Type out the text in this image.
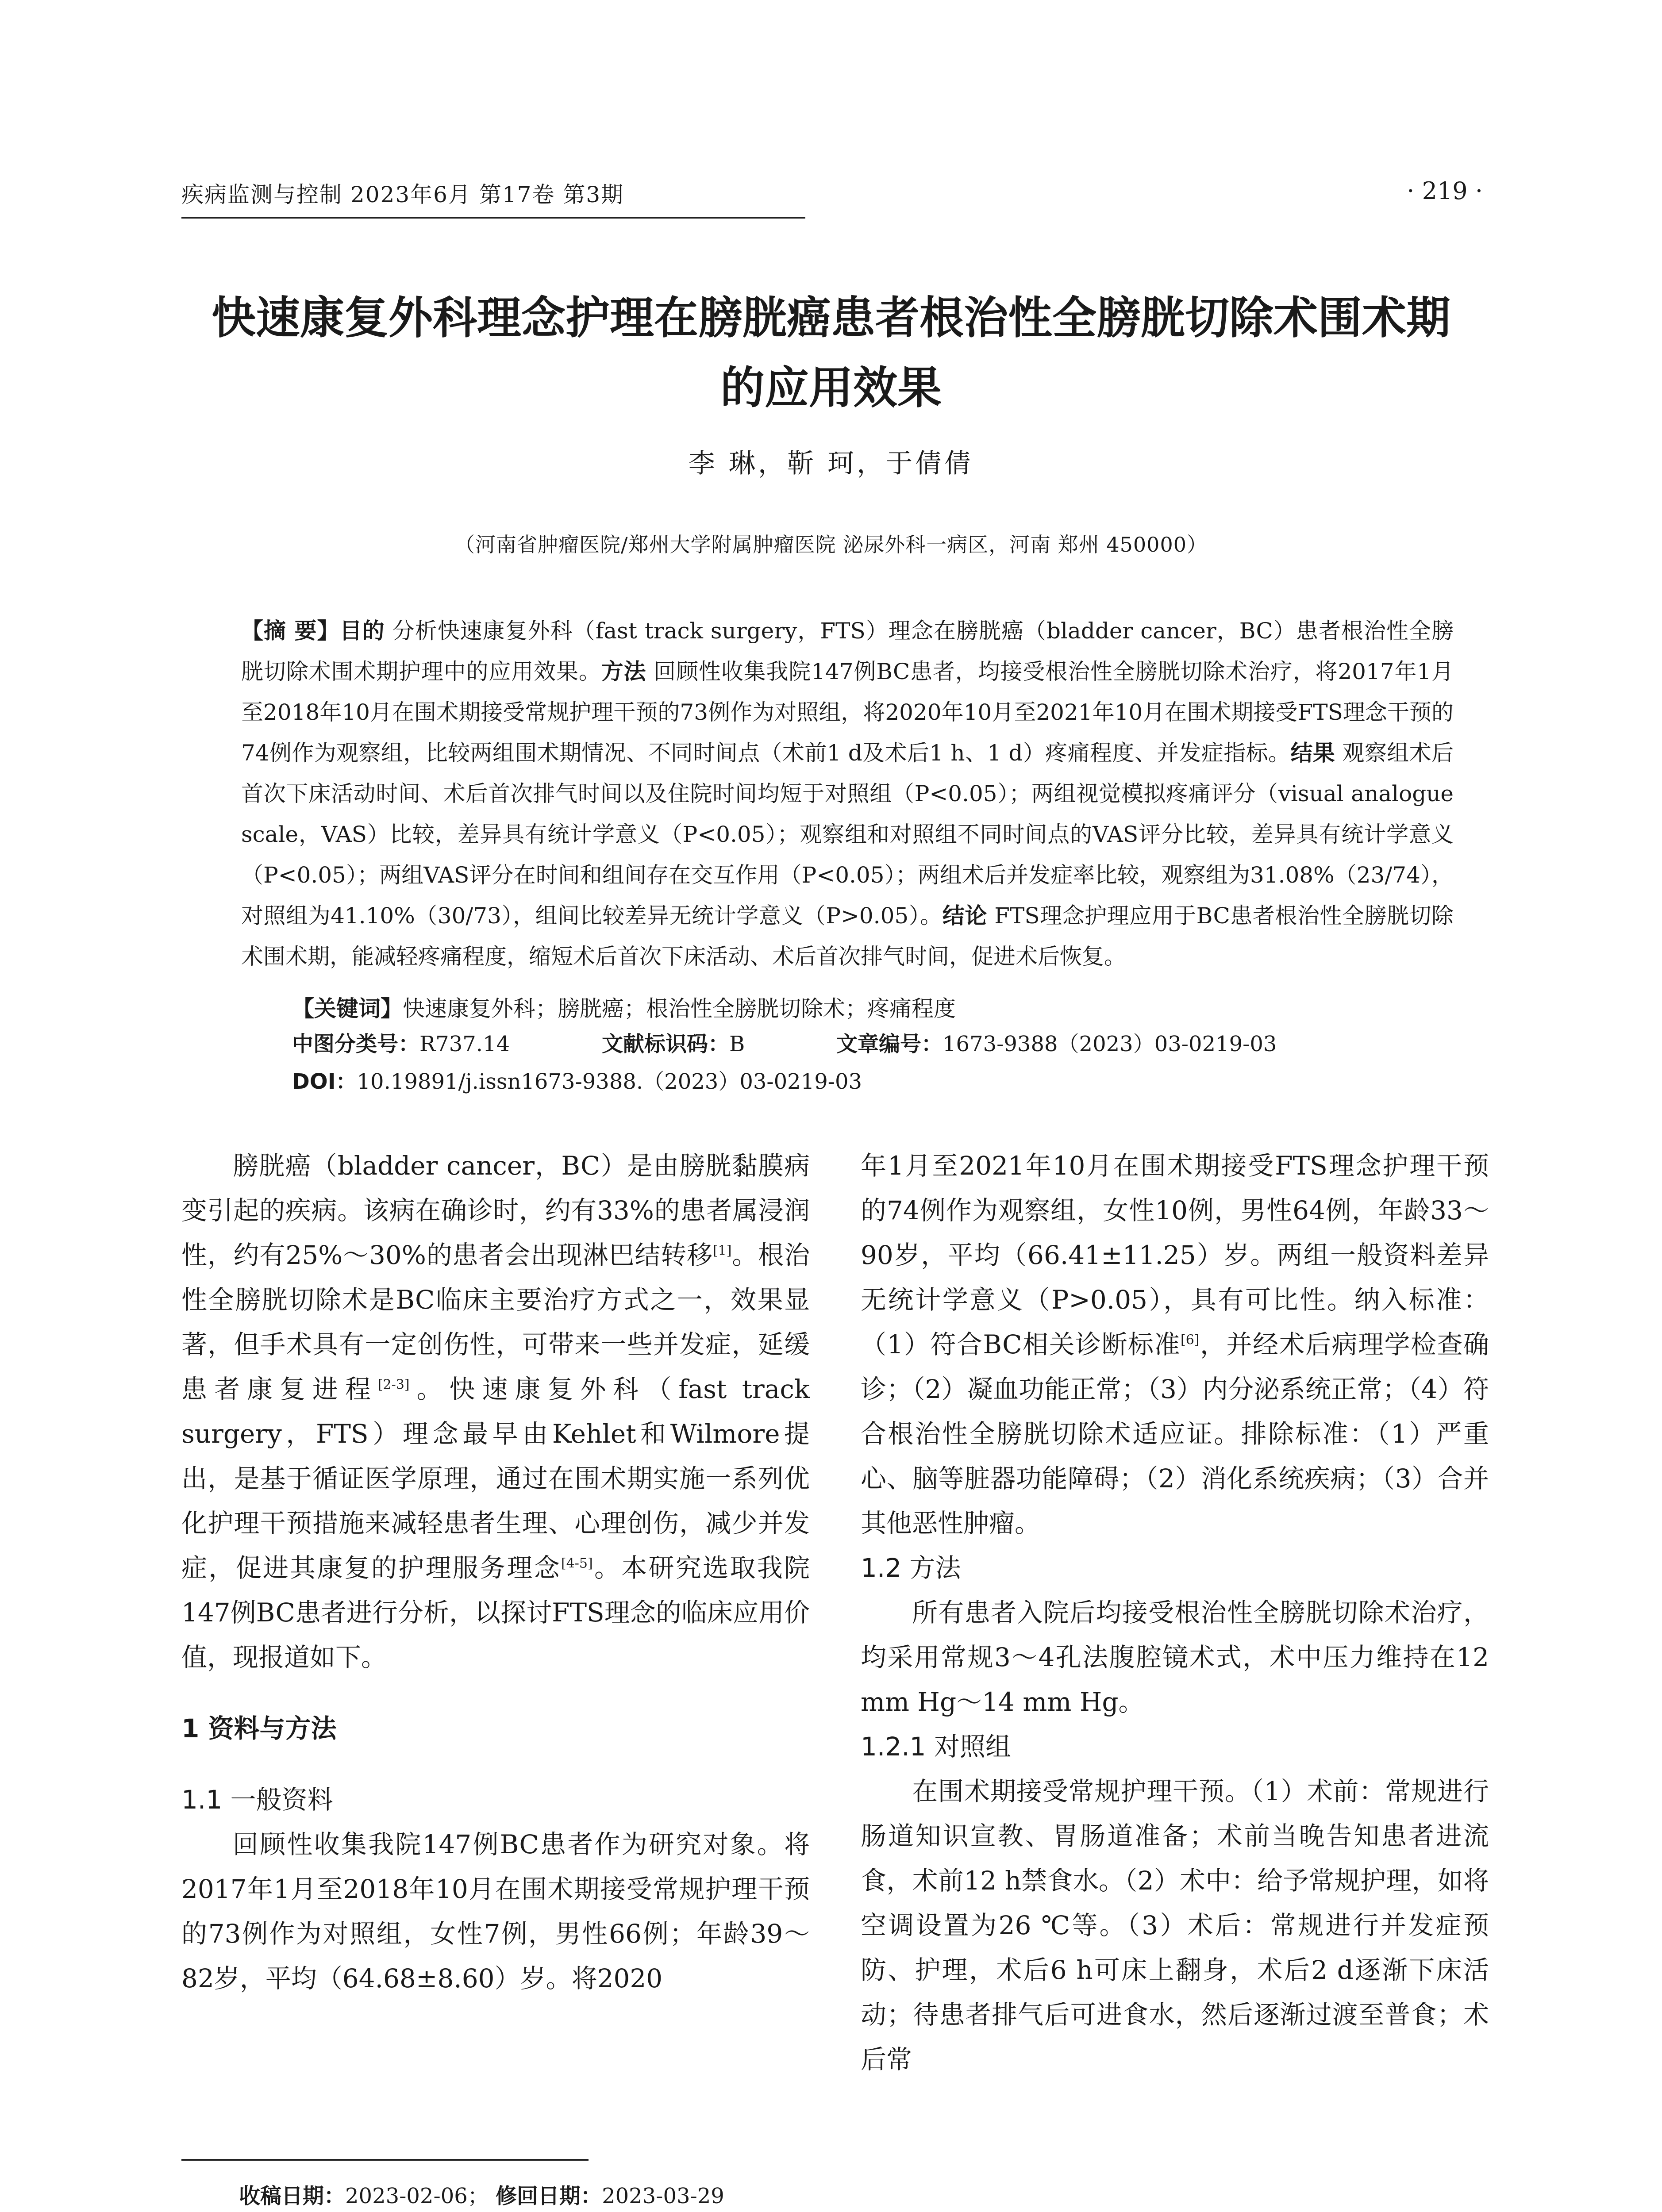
疾病监测与控制 2023年6月 第17卷 第3期	· 219 ·
快速康复外科理念护理在膀胱癌患者根治性全膀胱切除术围术期
的应用效果
李 琳，靳 珂，于倩倩
（河南省肿瘤医院/郑州大学附属肿瘤医院 泌尿外科一病区，河南 郑州 450000）
【摘 要】目的 分析快速康复外科（fast track surgery，FTS）理念在膀胱癌（bladder cancer，BC）患者根治性全膀胱切除术围术期护理中的应用效果。方法 回顾性收集我院147例BC患者，均接受根治性全膀胱切除术治疗，将2017年1月至2018年10月在围术期接受常规护理干预的73例作为对照组，将2020年10月至2021年10月在围术期接受FTS理念干预的74例作为观察组，比较两组围术期情况、不同时间点（术前1 d及术后1 h、1 d）疼痛程度、并发症指标。结果 观察组术后首次下床活动时间、术后首次排气时间以及住院时间均短于对照组（P<0.05）；两组视觉模拟疼痛评分（visual analogue scale，VAS）比较，差异具有统计学意义（P<0.05）；观察组和对照组不同时间点的VAS评分比较，差异具有统计学意义（P<0.05）；两组VAS评分在时间和组间存在交互作用（P<0.05）；两组术后并发症率比较，观察组为31.08%（23/74），对照组为41.10%（30/73），组间比较差异无统计学意义（P>0.05）。结论 FTS理念护理应用于BC患者根治性全膀胱切除术围术期，能减轻疼痛程度，缩短术后首次下床活动、术后首次排气时间，促进术后恢复。
【关键词】快速康复外科；膀胱癌；根治性全膀胱切除术；疼痛程度
中图分类号：R737.14	文献标识码：B	文章编号：1673-9388（2023）03-0219-03
DOI：10.19891/j.issn1673-9388.（2023）03-0219-03

膀胱癌（bladder cancer，BC）是由膀胱黏膜病变引起的疾病。该病在确诊时，约有33%的患者属浸润性，约有25%～30%的患者会出现淋巴结转移[1]。根治性全膀胱切除术是BC临床主要治疗方式之一，效果显著，但手术具有一定创伤性，可带来一些并发症，延缓患者康复进程[2-3]。快速康复外科（fast track surgery，FTS）理念最早由Kehlet和Wilmore提出，是基于循证医学原理，通过在围术期实施一系列优化护理干预措施来减轻患者生理、心理创伤，减少并发症，促进其康复的护理服务理念[4-5]。本研究选取我院147例BC患者进行分析，以探讨FTS理念的临床应用价值，现报道如下。

1 资料与方法

1.1 一般资料

回顾性收集我院147例BC患者作为研究对象。将2017年1月至2018年10月在围术期接受常规护理干预的73例作为对照组，女性7例，男性66例；年龄39～82岁，平均（64.68±8.60）岁。将2020

年1月至2021年10月在围术期接受FTS理念护理干预的74例作为观察组，女性10例，男性64例，年龄33～90岁，平均（66.41±11.25）岁。两组一般资料差异无统计学意义（P>0.05），具有可比性。纳入标准：（1）符合BC相关诊断标准[6]，并经术后病理学检查确诊；（2）凝血功能正常；（3）内分泌系统正常；（4）符合根治性全膀胱切除术适应证。排除标准：（1）严重心、脑等脏器功能障碍；（2）消化系统疾病；（3）合并其他恶性肿瘤。

1.2 方法

所有患者入院后均接受根治性全膀胱切除术治疗，均采用常规3～4孔法腹腔镜术式，术中压力维持在12 mm Hg～14 mm Hg。

1.2.1 对照组

在围术期接受常规护理干预。（1）术前：常规进行肠道知识宣教、胃肠道准备；术前当晚告知患者进流食，术前12 h禁食水。（2）术中：给予常规护理，如将空调设置为26 ℃等。（3）术后：常规进行并发症预防、护理，术后6 h可床上翻身，术后2 d逐渐下床活动；待患者排气后可进食水，然后逐渐过渡至普食；术后常

收稿日期：2023-02-06； 修回日期：2023-03-29
